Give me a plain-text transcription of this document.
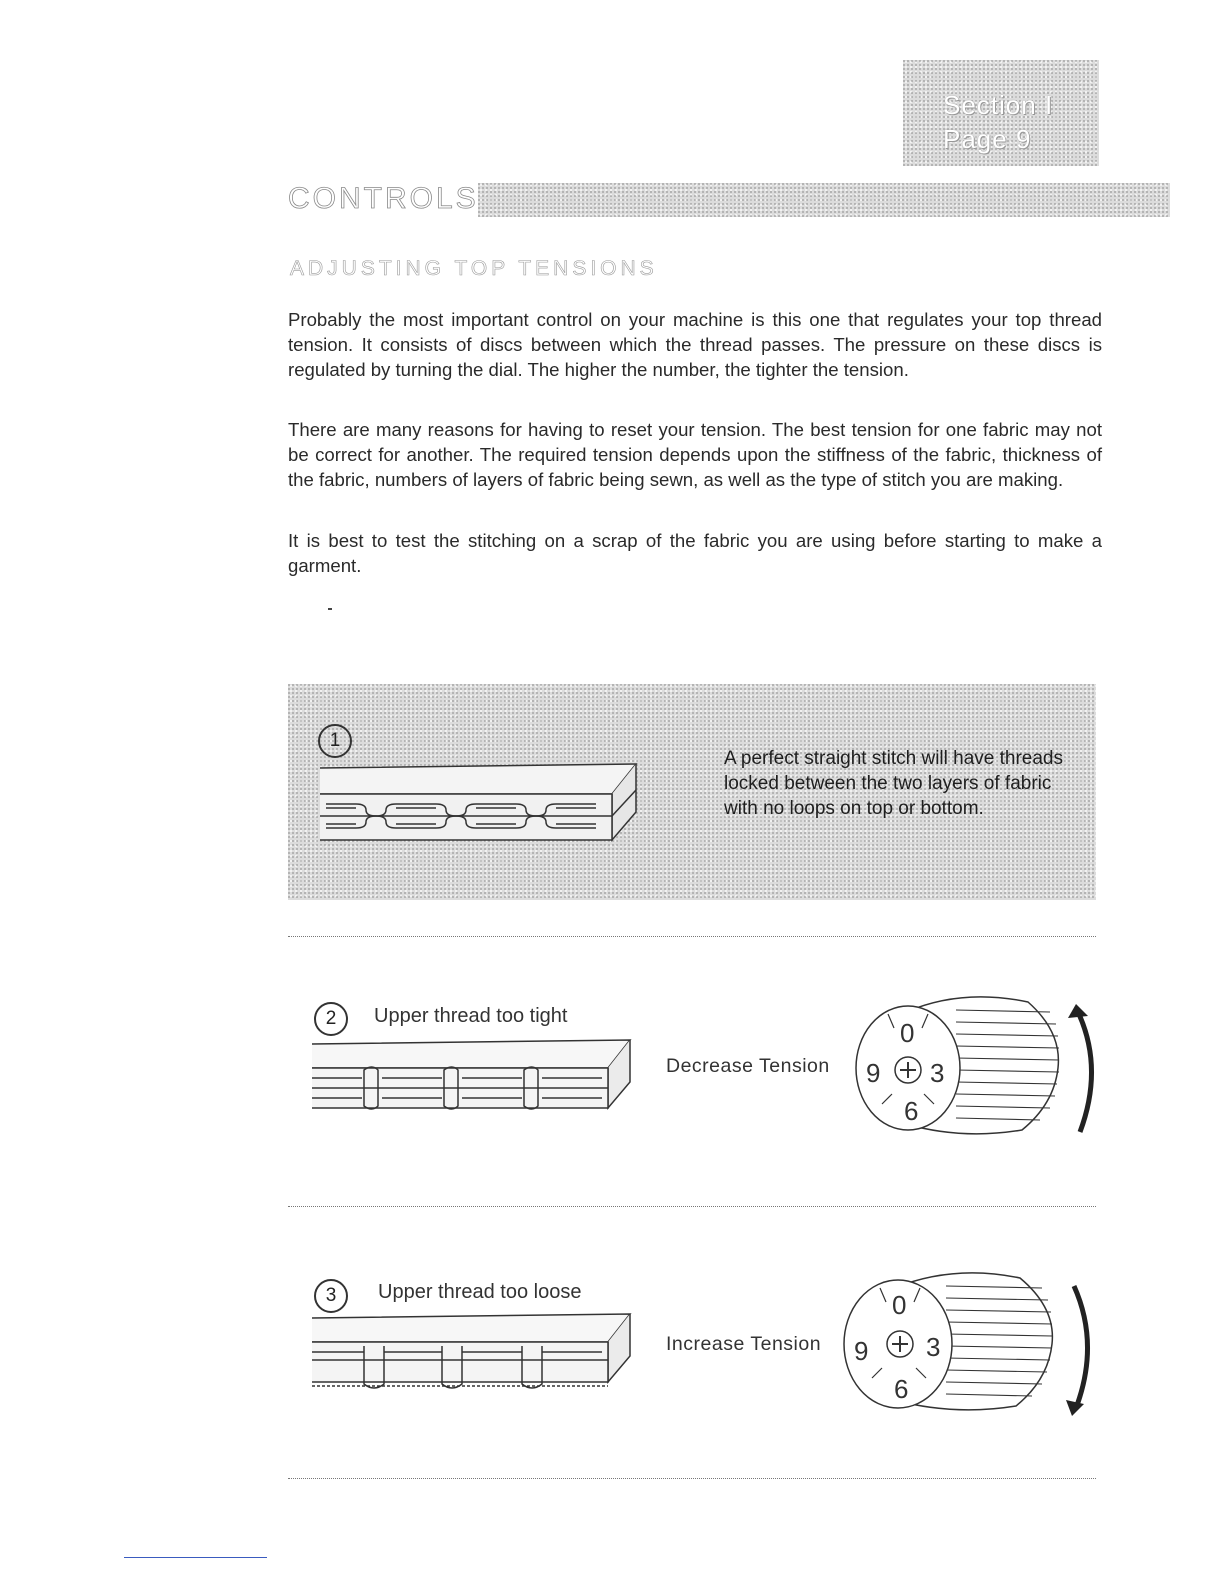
Section I
Page 9
CONTROLS
ADJUSTING TOP TENSIONS

Probably the most important control on your machine is this one that regulates your top thread tension. It consists of discs between which the thread passes. The pressure on these discs is regulated by turning the dial. The higher the number, the tighter the tension.

There are many reasons for having to reset your tension. The best tension for one fabric may not be correct for another. The required tension depends upon the stiffness of the fabric, thickness of the fabric, numbers of layers of fabric being sewn, as well as the type of stitch you are making.

It is best to test the stitching on a scrap of the fabric you are using before starting to make a garment.

1

A perfect straight stitch will have threads locked between the two layers of fabric with no loops on top or bottom.

2	Upper thread too tight
Decrease Tension
0
3
6
9
3	Upper thread too loose
Increase Tension
0
3
6
9
